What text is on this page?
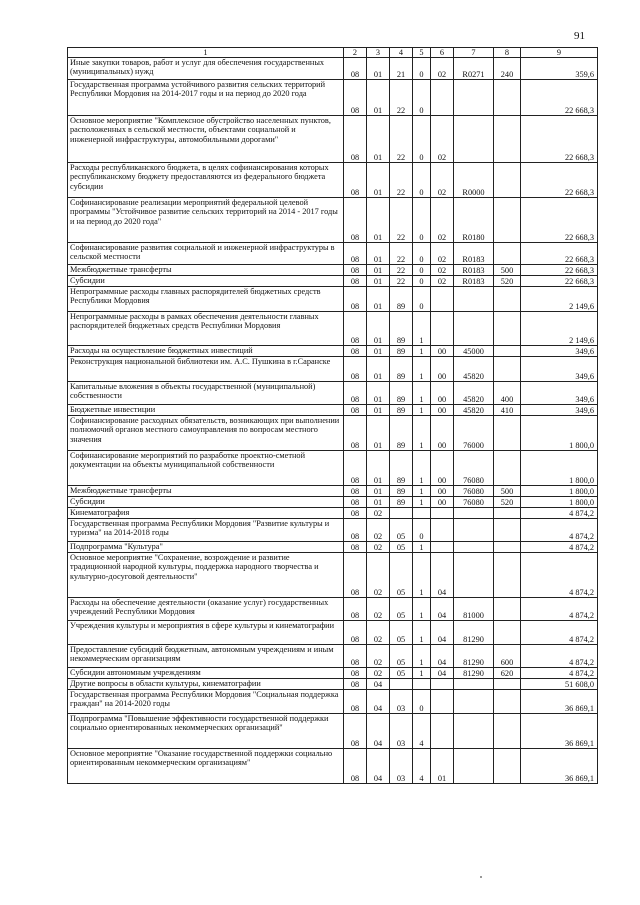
91
1	2	3	4	5	6	7	8	9
Иные закупки товаров, работ и услуг для обеспечения государственных (муниципальных) нужд	08	01	21	0	02	R0271	240	359,6
Государственная программа устойчивого развития сельских территорий Республики Мордовия на 2014-2017 годы и на период до 2020 года	08	01	22	0				22 668,3
Основное мероприятие "Комплексное обустройство населенных пунктов, расположенных в сельской местности, объектами социальной и инженерной инфраструктуры, автомобильными дорогами"	08	01	22	0	02			22 668,3
Расходы республиканского бюджета, в целях софинансирования которых республиканскому бюджету предоставляются из федерального бюджета субсидии	08	01	22	0	02	R0000		22 668,3
Софинансирование реализации мероприятий федеральной целевой программы "Устойчивое развитие сельских территорий на 2014 - 2017 годы и на период до 2020 года"	08	01	22	0	02	R0180		22 668,3
Софинансирование развития социальной и инженерной инфраструктуры в сельской местности	08	01	22	0	02	R0183		22 668,3
Межбюджетные трансферты	08	01	22	0	02	R0183	500	22 668,3
Субсидии	08	01	22	0	02	R0183	520	22 668,3
Непрограммные расходы главных распорядителей бюджетных средств Республики Мордовия	08	01	89	0				2 149,6
Непрограммные расходы в рамках обеспечения деятельности главных распорядителей бюджетных средств Республики Мордовия	08	01	89	1				2 149,6
Расходы на осуществление бюджетных инвестиций	08	01	89	1	00	45000		349,6
Реконструкция национальной библиотеки им. А.С. Пушкина в г.Саранске	08	01	89	1	00	45820		349,6
Капитальные вложения в объекты государственной (муниципальной) собственности	08	01	89	1	00	45820	400	349,6
Бюджетные инвестиции	08	01	89	1	00	45820	410	349,6
Софинансирование расходных обязательств, возникающих при выполнении полномочий органов местного самоуправления по вопросам местного значения	08	01	89	1	00	76000		1 800,0
Софинансирование мероприятий по разработке проектно-сметной документации на объекты муниципальной собственности	08	01	89	1	00	76080		1 800,0
Межбюджетные трансферты	08	01	89	1	00	76080	500	1 800,0
Субсидии	08	01	89	1	00	76080	520	1 800,0
Кинематография	08	02						4 874,2
Государственная программа Республики Мордовия "Развитие культуры и туризма" на 2014-2018 годы	08	02	05	0				4 874,2
Подпрограмма "Культура"	08	02	05	1				4 874,2
Основное мероприятие "Сохранение, возрождение и развитие традиционной народной культуры, поддержка народного творчества и культурно-досуговой деятельности"	08	02	05	1	04			4 874,2
Расходы на обеспечение деятельности (оказание услуг) государственных учреждений Республики Мордовия	08	02	05	1	04	81000		4 874,2
Учреждения культуры и мероприятия в сфере культуры и кинематографии	08	02	05	1	04	81290		4 874,2
Предоставление субсидий бюджетным, автономным учреждениям и иным некоммерческим организациям	08	02	05	1	04	81290	600	4 874,2
Субсидии автономным учреждениям	08	02	05	1	04	81290	620	4 874,2
Другие вопросы в области культуры, кинематографии	08	04						51 608,0
Государственная программа Республики Мордовия "Социальная поддержка граждан" на 2014-2020 годы	08	04	03	0				36 869,1
Подпрограмма "Повышение эффективности государственной поддержки социально ориентированных некоммерческих организаций"	08	04	03	4				36 869,1
Основное мероприятие "Оказание государственной поддержки социально ориентированным некоммерческим организациям"	08	04	03	4	01			36 869,1
